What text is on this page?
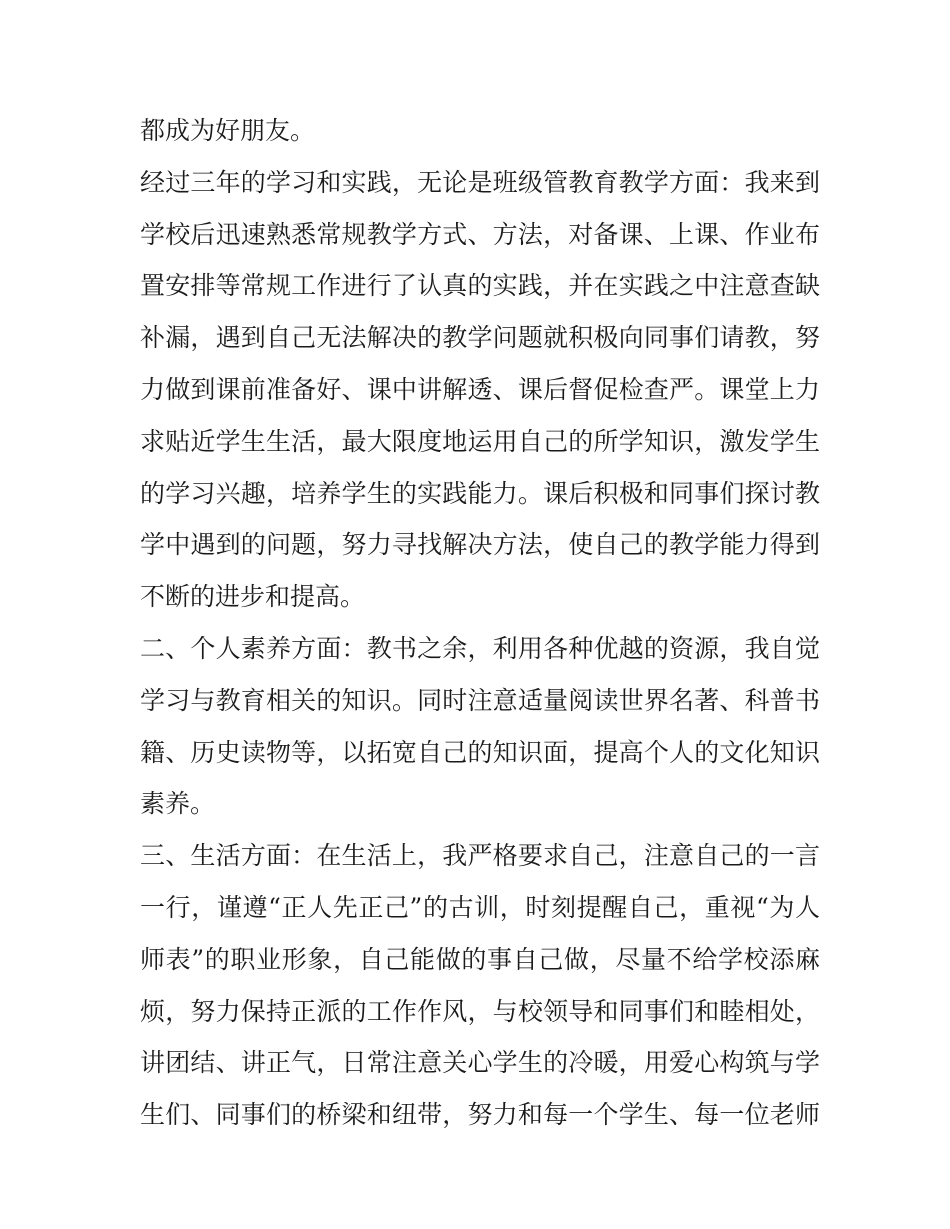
都成为好朋友。
经过三年的学习和实践，无论是班级管教育教学方面：我来到
学校后迅速熟悉常规教学方式、方法，对备课、上课、作业布
置安排等常规工作进行了认真的实践，并在实践之中注意查缺
补漏，遇到自己无法解决的教学问题就积极向同事们请教，努
力做到课前准备好、课中讲解透、课后督促检查严。课堂上力
求贴近学生生活，最大限度地运用自己的所学知识，激发学生
的学习兴趣，培养学生的实践能力。课后积极和同事们探讨教
学中遇到的问题，努力寻找解决方法，使自己的教学能力得到
不断的进步和提高。
二、个人素养方面：教书之余，利用各种优越的资源，我自觉
学习与教育相关的知识。同时注意适量阅读世界名著、科普书
籍、历史读物等，以拓宽自己的知识面，提高个人的文化知识
素养。
三、生活方面：在生活上，我严格要求自己，注意自己的一言
一行，谨遵“正人先正己”的古训，时刻提醒自己，重视“为人
师表”的职业形象，自己能做的事自己做，尽量不给学校添麻
烦，努力保持正派的工作作风，与校领导和同事们和睦相处，
讲团结、讲正气，日常注意关心学生的冷暖，用爱心构筑与学
生们、同事们的桥梁和纽带，努力和每一个学生、每一位老师
